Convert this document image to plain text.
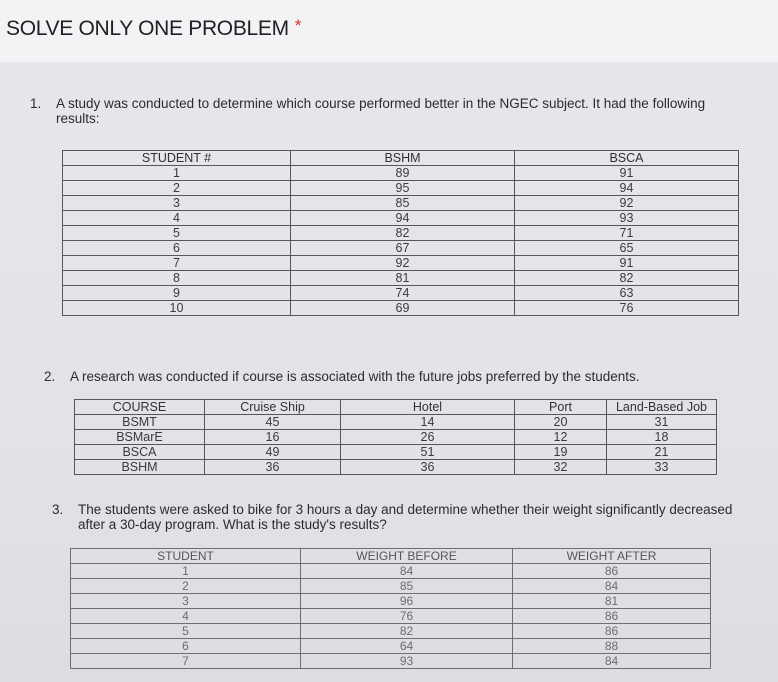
SOLVE ONLY ONE PROBLEM *
1. A study was conducted to determine which course performed better in the NGEC subject. It had the following results:
STUDENT #	BSHM	BSCA
1	89	91
2	95	94
3	85	92
4	94	93
5	82	71
6	67	65
7	92	91
8	81	82
9	74	63
10	69	76
2. A research was conducted if course is associated with the future jobs preferred by the students.
COURSE	Cruise Ship	Hotel	Port	Land-Based Job
BSMT	45	14	20	31
BSMarE	16	26	12	18
BSCA	49	51	19	21
BSHM	36	36	32	33
3. The students were asked to bike for 3 hours a day and determine whether their weight significantly decreased after a 30-day program. What is the study's results?
STUDENT	WEIGHT BEFORE	WEIGHT AFTER
1	84	86
2	85	84
3	96	81
4	76	86
5	82	86
6	64	88
7	93	84
